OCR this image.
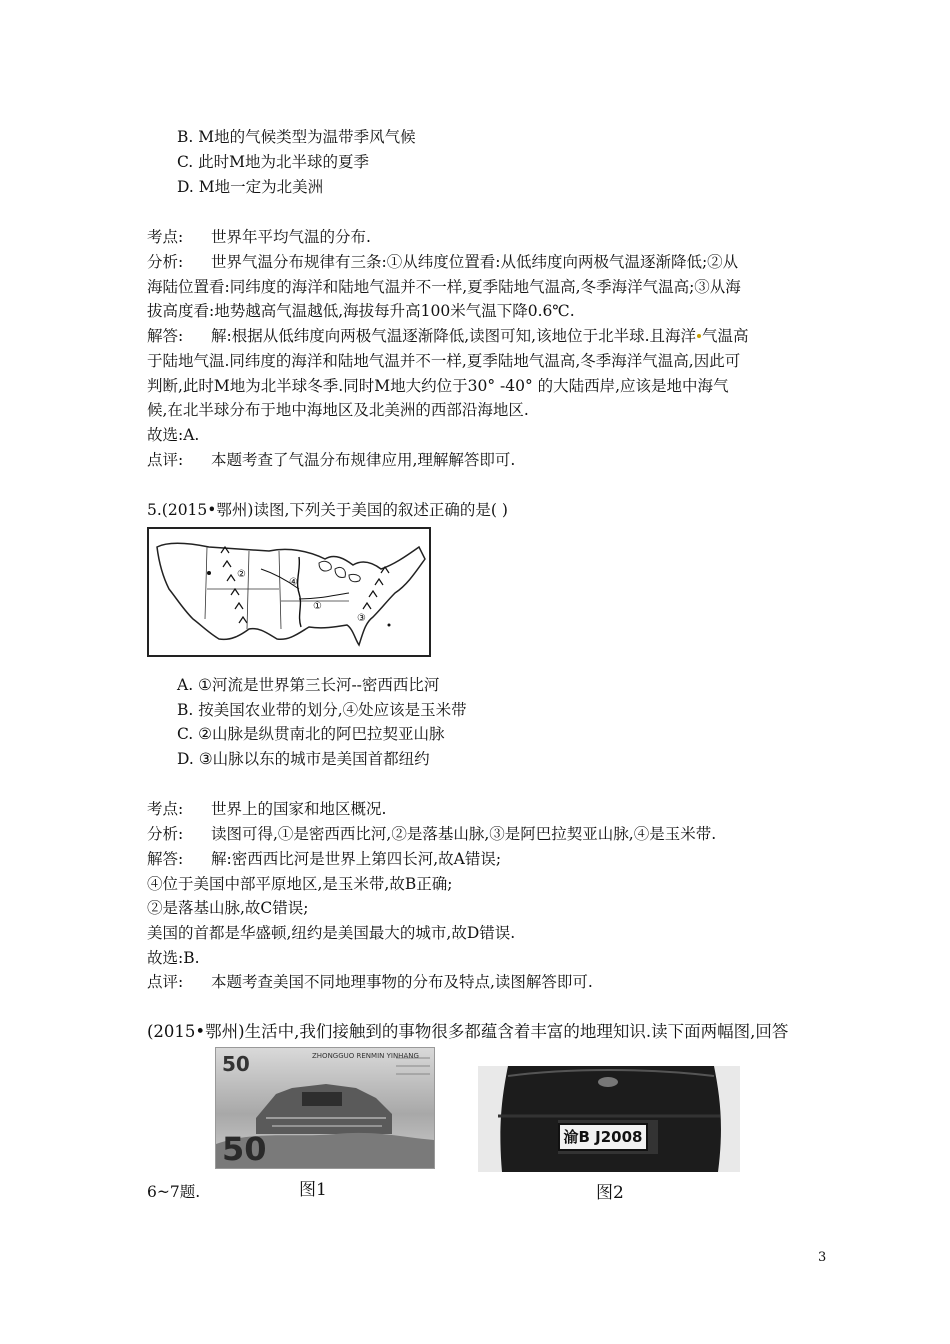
B. M地的气候类型为温带季风气候
C. 此时M地为北半球的夏季
D. M地一定为北美洲
考点: 世界年平均气温的分布.
分析: 世界气温分布规律有三条:①从纬度位置看:从低纬度向两极气温逐渐降低;②从
海陆位置看:同纬度的海洋和陆地气温并不一样,夏季陆地气温高,冬季海洋气温高;③从海
拔高度看:地势越高气温越低,海拔每升高100米气温下降0.6℃.
解答: 解:根据从低纬度向两极气温逐渐降低,读图可知,该地位于北半球.且海洋 气温高
于陆地气温.同纬度的海洋和陆地气温并不一样,夏季陆地气温高,冬季海洋气温高,因此可
判断,此时M地为北半球冬季.同时M地大约位于30° -40° 的大陆西岸,应该是地中海气
候,在北半球分布于地中海地区及北美洲的西部沿海地区.
故选:A.
点评: 本题考查了气温分布规律应用,理解解答即可.
5.(2015•鄂州)读图,下列关于美国的叙述正确的是( )
②
④
①
③
A. ①河流是世界第三长河--密西西比河
B. 按美国农业带的划分,④处应该是玉米带
C. ②山脉是纵贯南北的阿巴拉契亚山脉
D. ③山脉以东的城市是美国首都纽约
考点: 世界上的国家和地区概况.
分析: 读图可得,①是密西西比河,②是落基山脉,③是阿巴拉契亚山脉,④是玉米带.
解答: 解:密西西比河是世界上第四长河,故A错误;
④位于美国中部平原地区,是玉米带,故B正确;
②是落基山脉,故C错误;
美国的首都是华盛顿,纽约是美国最大的城市,故D错误.
故选:B.
点评: 本题考查美国不同地理事物的分布及特点,读图解答即可.
(2015•鄂州)生活中,我们接触到的事物很多都蕴含着丰富的地理知识.读下面两幅图,回答
50
50
ZHONGGUO RENMIN YINHANG
渝B J2008
图1	图2
6~7题.
3
